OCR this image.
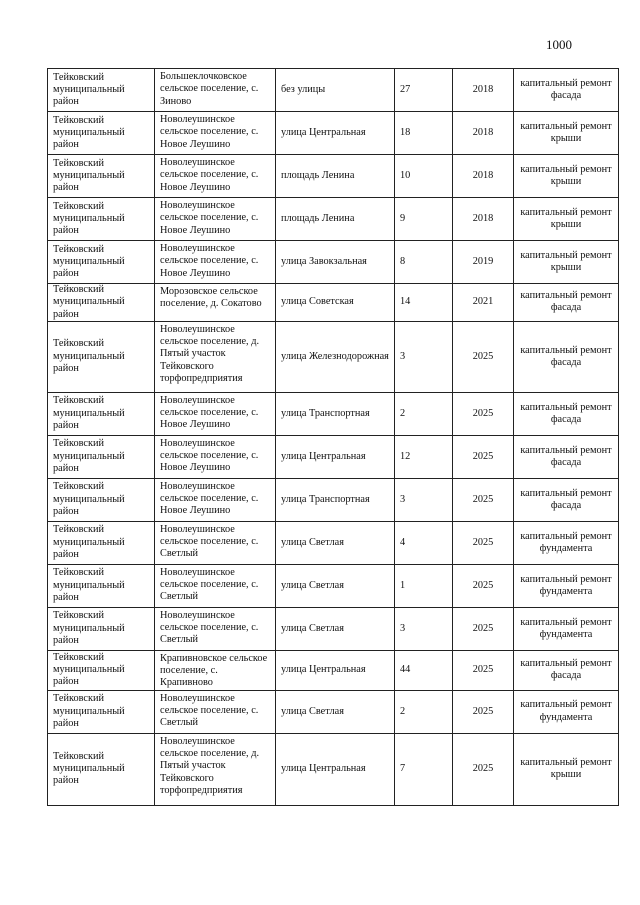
1000
Тейковский муниципальный район	Большеклочковское сельское поселение, с. Зиново	без улицы	27	2018	капитальный ремонт фасада
Тейковский муниципальный район	Новолеушинское сельское поселение, с. Новое Леушино	улица Центральная	18	2018	капитальный ремонт крыши
Тейковский муниципальный район	Новолеушинское сельское поселение, с. Новое Леушино	площадь Ленина	10	2018	капитальный ремонт крыши
Тейковский муниципальный район	Новолеушинское сельское поселение, с. Новое Леушино	площадь Ленина	9	2018	капитальный ремонт крыши
Тейковский муниципальный район	Новолеушинское сельское поселение, с. Новое Леушино	улица Завокзальная	8	2019	капитальный ремонт крыши
Тейковский муниципальный район	Морозовское сельское поселение, д. Сокатово	улица Советская	14	2021	капитальный ремонт фасада
Тейковский муниципальный район	Новолеушинское сельское поселение, д. Пятый участок Тейковского торфопредприятия	улица Железнодорожная	3	2025	капитальный ремонт фасада
Тейковский муниципальный район	Новолеушинское сельское поселение, с. Новое Леушино	улица Транспортная	2	2025	капитальный ремонт фасада
Тейковский муниципальный район	Новолеушинское сельское поселение, с. Новое Леушино	улица Центральная	12	2025	капитальный ремонт фасада
Тейковский муниципальный район	Новолеушинское сельское поселение, с. Новое Леушино	улица Транспортная	3	2025	капитальный ремонт фасада
Тейковский муниципальный район	Новолеушинское сельское поселение, с. Светлый	улица Светлая	4	2025	капитальный ремонт фундамента
Тейковский муниципальный район	Новолеушинское сельское поселение, с. Светлый	улица Светлая	1	2025	капитальный ремонт фундамента
Тейковский муниципальный район	Новолеушинское сельское поселение, с. Светлый	улица Светлая	3	2025	капитальный ремонт фундамента
Тейковский муниципальный район	Крапивновское сельское поселение, с. Крапивново	улица Центральная	44	2025	капитальный ремонт фасада
Тейковский муниципальный район	Новолеушинское сельское поселение, с. Светлый	улица Светлая	2	2025	капитальный ремонт фундамента
Тейковский муниципальный район	Новолеушинское сельское поселение, д. Пятый участок Тейковского торфопредприятия	улица Центральная	7	2025	капитальный ремонт крыши
